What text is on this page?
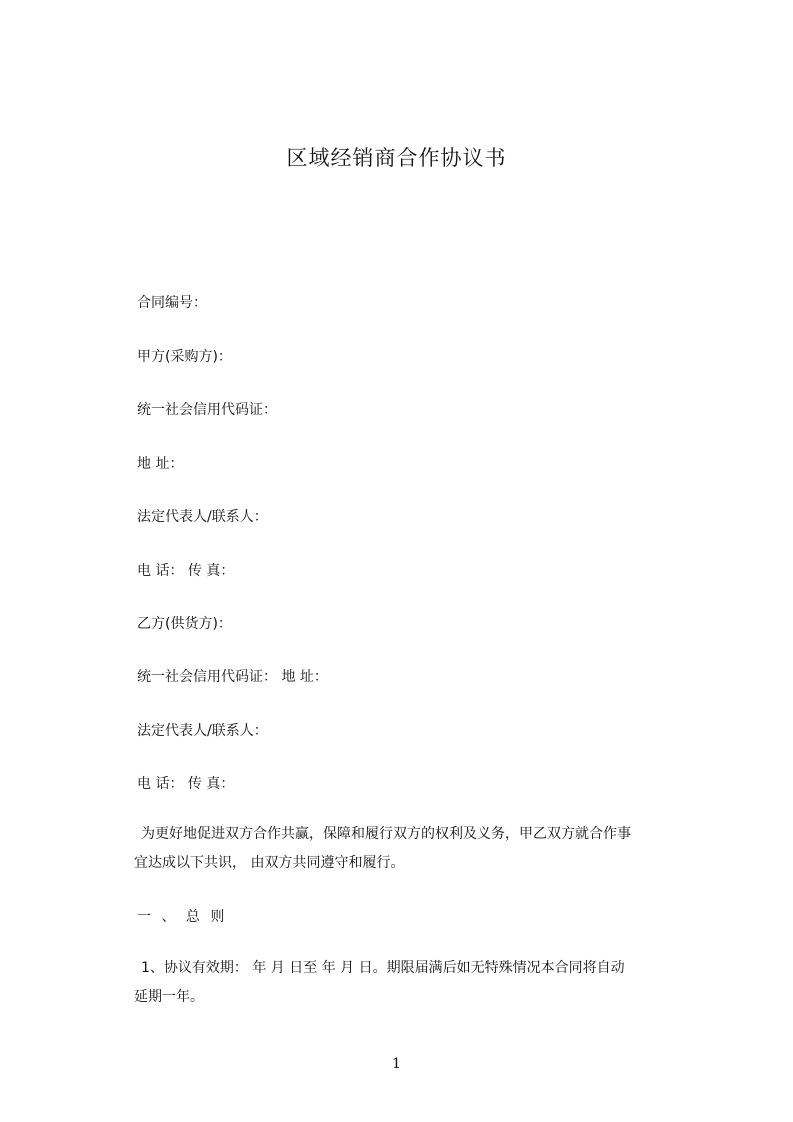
区域经销商合作协议书
合同编号：
甲方(采购方)：
统一社会信用代码证：
地 址：
法定代表人/联系人：
电 话： 传 真：
乙方(供货方)：
统一社会信用代码证： 地 址：
法定代表人/联系人：
电 话： 传 真：
为更好地促进双方合作共赢，保障和履行双方的权利及义务，甲乙双方就合作事
宜达成以下共识， 由双方共同遵守和履行。
一 、 总 则
1、协议有效期： 年 月 日至 年 月 日。期限届满后如无特殊情况本合同将自动
延期一年。
1
